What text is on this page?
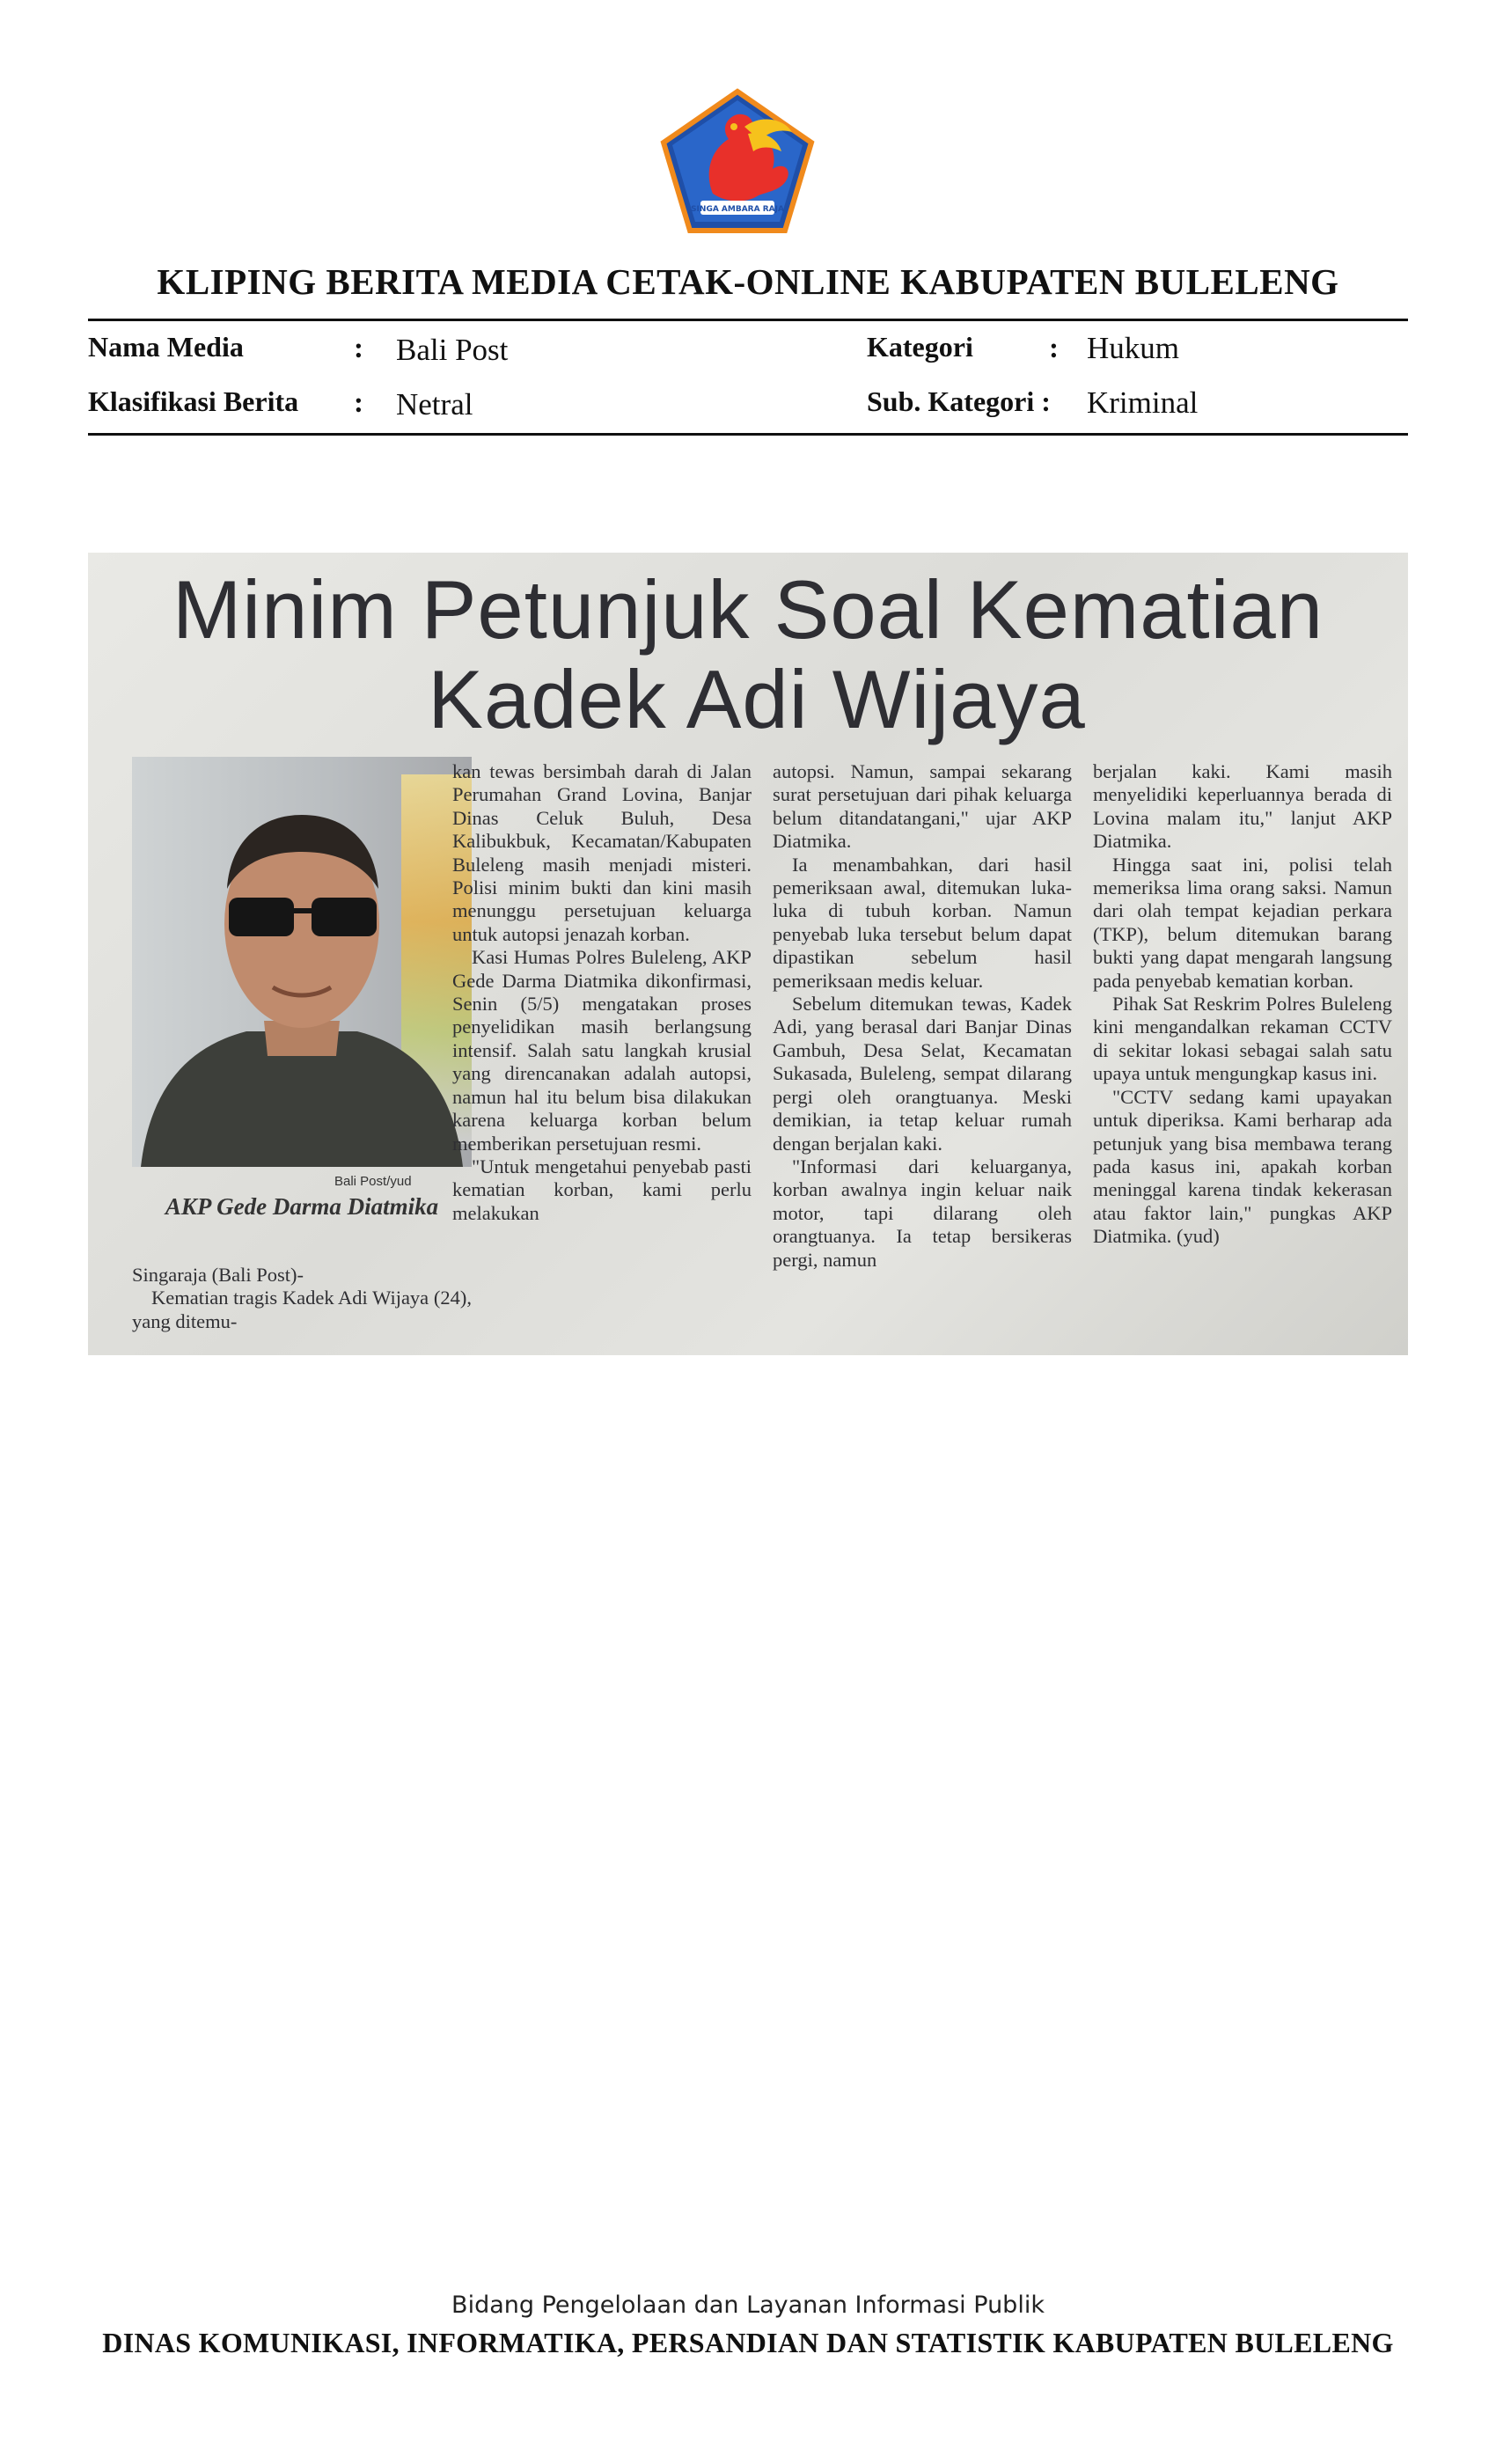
SINGA AMBARA RAJA
KLIPING BERITA MEDIA CETAK-ONLINE KABUPATEN BULELENG
Nama Media	: Bali Post
Klasifikasi Berita : Netral
Kategori	: Hukum
Sub. Kategori : Kriminal
Minim Petunjuk Soal Kematian
Kadek Adi Wijaya
Bali Post/yud
AKP Gede Darma Diatmika

Singaraja (Bali Post)-

Kematian tragis Kadek Adi Wijaya (24), yang ditemu-

kan tewas bersimbah darah di Jalan Perumahan Grand Lovina, Banjar Dinas Celuk Buluh, Desa Kalibukbuk, Kecamatan/Kabupaten Buleleng masih menjadi misteri. Polisi minim bukti dan kini masih menunggu persetujuan keluarga untuk autopsi jenazah korban.

Kasi Humas Polres Buleleng, AKP Gede Darma Diatmika dikonfirmasi, Senin (5/5) mengatakan proses penyelidikan masih berlangsung intensif. Salah satu langkah krusial yang direncanakan adalah autopsi, namun hal itu belum bisa dilakukan karena keluarga korban belum memberikan persetujuan resmi.

"Untuk mengetahui penyebab pasti kematian korban, kami perlu melakukan

autopsi. Namun, sampai sekarang surat persetujuan dari pihak keluarga belum ditandatangani," ujar AKP Diatmika.

Ia menambahkan, dari hasil pemeriksaan awal, ditemukan luka-luka di tubuh korban. Namun penyebab luka tersebut belum dapat dipastikan sebelum hasil pemeriksaan medis keluar.

Sebelum ditemukan tewas, Kadek Adi, yang berasal dari Banjar Dinas Gambuh, Desa Selat, Kecamatan Sukasada, Buleleng, sempat dilarang pergi oleh orangtuanya. Meski demikian, ia tetap keluar rumah dengan berjalan kaki.

"Informasi dari keluarganya, korban awalnya ingin keluar naik motor, tapi dilarang oleh orangtuanya. Ia tetap bersikeras pergi, namun

berjalan kaki. Kami masih menyelidiki keperluannya berada di Lovina malam itu," lanjut AKP Diatmika.

Hingga saat ini, polisi telah memeriksa lima orang saksi. Namun dari olah tempat kejadian perkara (TKP), belum ditemukan barang bukti yang dapat mengarah langsung pada penyebab kematian korban.

Pihak Sat Reskrim Polres Buleleng kini mengandalkan rekaman CCTV di sekitar lokasi sebagai salah satu upaya untuk mengungkap kasus ini.

"CCTV sedang kami upayakan untuk diperiksa. Kami berharap ada petunjuk yang bisa membawa terang pada kasus ini, apakah korban meninggal karena tindak kekerasan atau faktor lain," pungkas AKP Diatmika. (yud)

Bidang Pengelolaan dan Layanan Informasi Publik
DINAS KOMUNIKASI, INFORMATIKA, PERSANDIAN DAN STATISTIK KABUPATEN BULELENG
